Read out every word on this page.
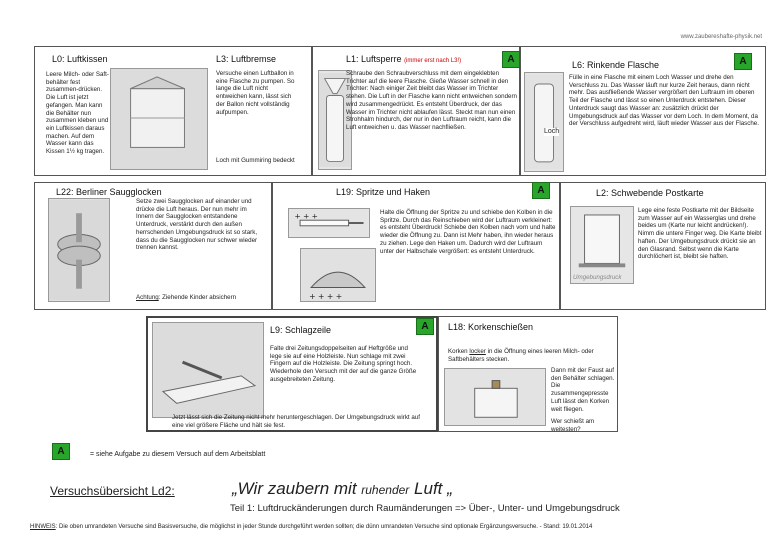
www.zaubereshafte-physik.net
L0: Luftkissen
Leere Milch- oder Saft-behälter fest zusammen-drücken. Die Luft ist jetzt gefangen. Man kann die Behälter nun zusammen kleben und ein Luftkissen daraus machen. Auf dem Wasser kann das Kissen 1½ kg tragen.
L3: Luftbremse
Versuche einen Luftballon in eine Flasche zu pumpen. So lange die Luft nicht entweichen kann, lässt sich der Ballon nicht vollständig aufpumpen.
Loch mit Gummiring bedeckt
L1: Luftsperre (immer erst nach L3!)	A
Schraube den Schraubverschluss mit dem eingeklebten Trichter auf die leere Flasche. Gieße Wasser schnell in den Trichter: Nach einiger Zeit bleibt das Wasser im Trichter stehen. Die Luft in der Flasche kann nicht entweichen sondern wird zusammengedrückt. Es entsteht Überdruck, der das Wasser im Trichter nicht ablaufen lässt. Steckt man nun einen Strohhalm hindurch, der nur in den Luftraum reicht, kann die Luft entweichen u. das Wasser nachfließen.
L6: Rinkende Flasche	A
Loch
Fülle in eine Flasche mit einem Loch Wasser und drehe den Verschluss zu. Das Wasser läuft nur kurze Zeit heraus, dann nicht mehr. Das ausfließende Wasser vergrößert den Luftraum im oberen Teil der Flasche und lässt so einen Unterdruck entstehen. Dieser Unterdruck saugt das Wasser an: zusätzlich drückt der Umgebungsdruck auf das Wasser vor dem Loch. In dem Moment, da der Verschluss aufgedreht wird, läuft wieder Wasser aus der Flasche.
L22: Berliner Saugglocken
Setze zwei Saugglocken auf einander und drücke die Luft heraus. Der nun mehr im Innern der Saugglocken entstandene Unterdruck, verstärkt durch den außen herrschenden Umgebungsdruck ist so stark, dass du die Saugglocken nur schwer wieder trennen kannst.
Achtung: Ziehende Kinder absichern
L19: Spritze und Haken	A
+ + +
+ + + +
Halte die Öffnung der Spritze zu und schiebe den Kolben in die Spritze. Durch das Reinschieben wird der Luftraum verkleinert: es entsteht Überdruck! Schiebe den Kolben nach vorn und halte wieder die Öffnung zu. Dann ist Mehr haben, ihn wieder heraus zu ziehen. Lege den Haken um. Dadurch wird der Luftraum unter der Halbschale vergrößert: es entsteht Unterdruck.
L2: Schwebende Postkarte
Umgebungsdruck
Lege eine feste Postkarte mit der Bildseite zum Wasser auf ein Wasserglas und drehe beides um (Karte nur leicht andrücken!). Nimm die untere Finger weg. Die Karte bleibt haften. Der Umgebungsdruck drückt sie an den Glasrand. Selbst wenn die Karte durchlöchert ist, bleibt sie haften.
L9: Schlagzeile	A
Falte drei Zeitungsdoppelseiten auf Heftgröße und lege sie auf eine Holzleiste. Nun schlage mit zwei Fingern auf die Holzleiste. Die Zeitung springt hoch. Wiederhole den Versuch mit der auf die ganze Größe ausgebreiteten Zeitung.
Jetzt lässt sich die Zeitung nicht mehr heruntergeschlagen. Der Umgebungsdruck wirkt auf eine viel größere Fläche und hält sie fest.
L18: Korkenschießen
Korken locker in die Öffnung eines leeren Milch- oder Saftbehälters stecken.
Dann mit der Faust auf den Behälter schlagen. Die zusammengepresste Luft lässt den Korken weit fliegen.
Wer schießt am weitesten?
A	= siehe Aufgabe zu diesem Versuch auf dem Arbeitsblatt
Versuchsübersicht Ld2:	„Wir zaubern mit ruhender Luft „
Teil 1: Luftdruckänderungen durch Raumänderungen => Über-, Unter- und Umgebungsdruck
HINWEIS: Die oben umrandeten Versuche sind Basisversuche, die möglichst in jeder Stunde durchgeführt werden sollten; die dünn umrandeten Versuche sind optionale Ergänzungsversuche. - Stand: 19.01.2014
